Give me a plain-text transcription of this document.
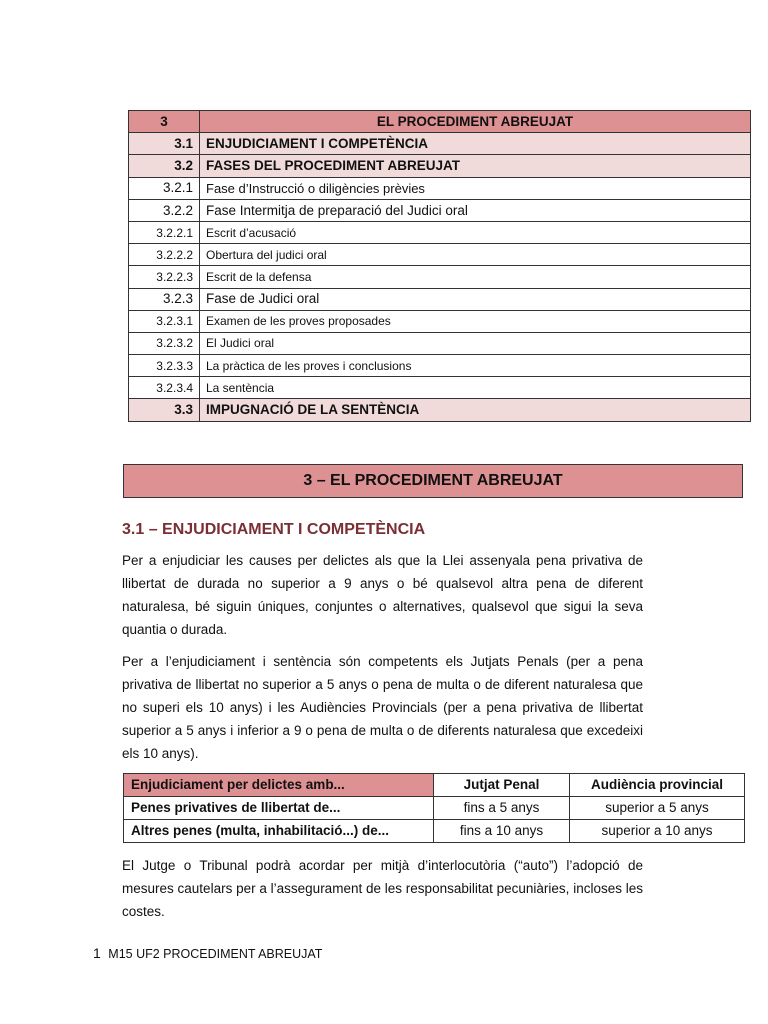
3	EL PROCEDIMENT ABREUJAT
3.1	ENJUDICIAMENT I COMPETÈNCIA
3.2	FASES DEL PROCEDIMENT ABREUJAT
3.2.1	Fase d’Instrucció o diligències prèvies
3.2.2	Fase Intermitja de preparació del Judici oral
3.2.2.1	Escrit d’acusació
3.2.2.2	Obertura del judici oral
3.2.2.3	Escrit de la defensa
3.2.3	Fase de Judici oral
3.2.3.1	Examen de les proves proposades
3.2.3.2	El Judici oral
3.2.3.3	La pràctica de les proves i conclusions
3.2.3.4	La sentència
3.3	IMPUGNACIÓ DE LA SENTÈNCIA
3 – EL PROCEDIMENT ABREUJAT
3.1 – ENJUDICIAMENT I COMPETÈNCIA

Per a enjudiciar les causes per delictes als que la Llei assenyala pena privativa de llibertat de durada no superior a 9 anys o bé qualsevol altra pena de diferent naturalesa, bé siguin úniques, conjuntes o alternatives, qualsevol que sigui la seva quantia o durada.

Per a l’enjudiciament i sentència són competents els Jutjats Penals (per a pena privativa de llibertat no superior a 5 anys o pena de multa o de diferent naturalesa que no superi els 10 anys) i les Audiències Provincials (per a pena privativa de llibertat superior a 5 anys i inferior a 9 o pena de multa o de diferents naturalesa que excedeixi els 10 anys).

Enjudiciament per delictes amb...	Jutjat Penal	Audiència provincial
Penes privatives de llibertat de...	fins a 5 anys	superior a 5 anys
Altres penes (multa, inhabilitació...) de...	fins a 10 anys	superior a 10 anys

El Jutge o Tribunal podrà acordar per mitjà d’interlocutòria (“auto”) l’adopció de mesures cautelars per a l’assegurament de les responsabilitat pecuniàries, incloses les costes.

1 M15 UF2 PROCEDIMENT ABREUJAT
